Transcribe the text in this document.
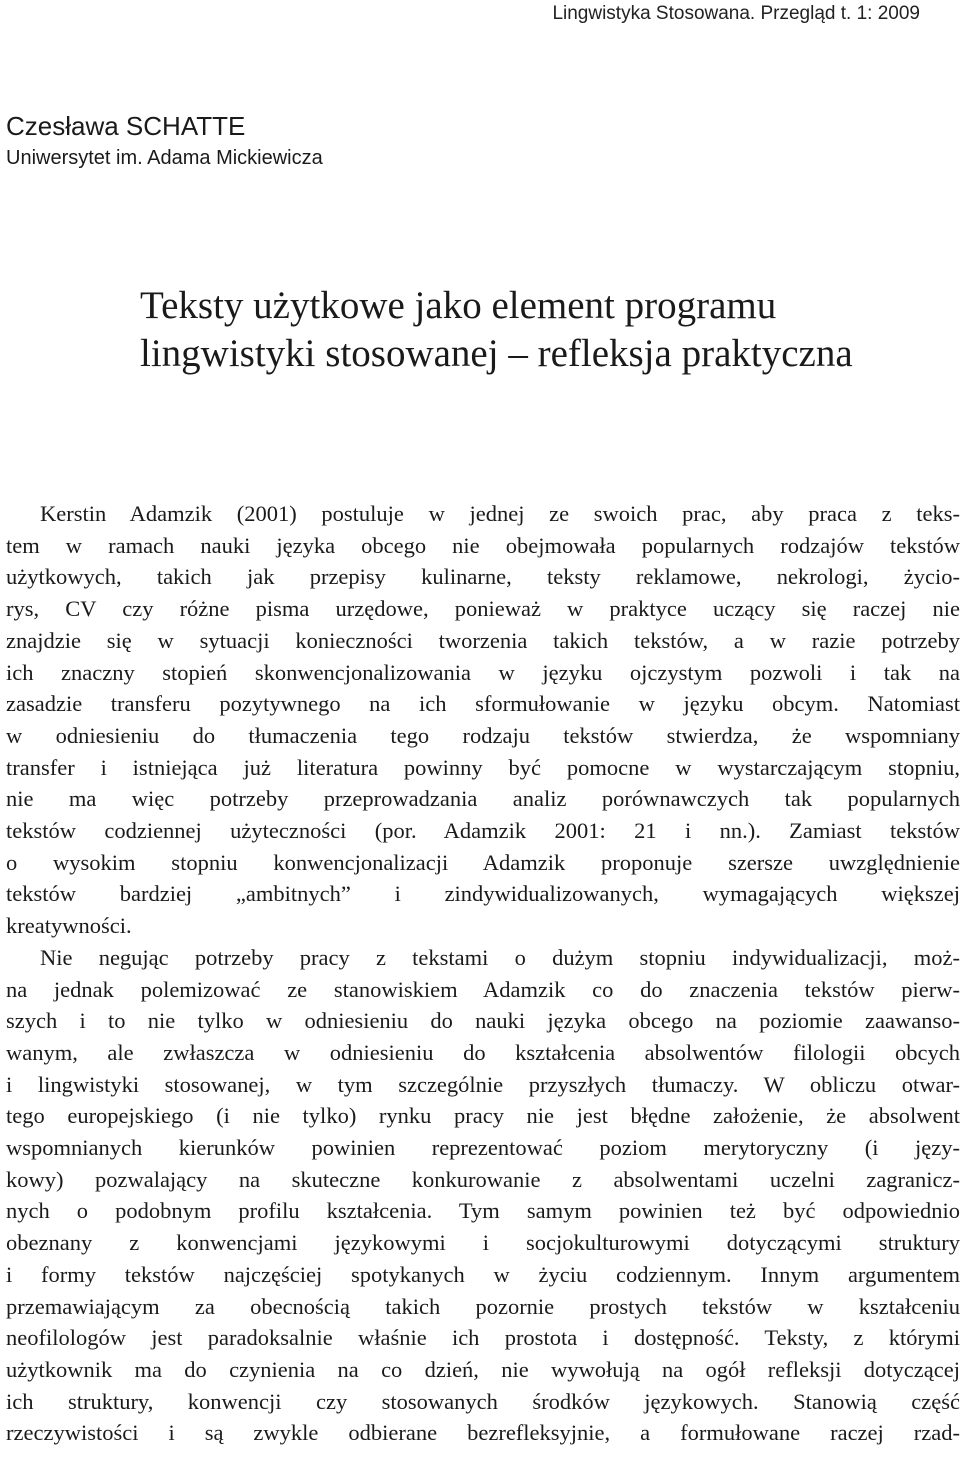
Lingwistyka Stosowana. Przegląd t. 1: 2009
Czesława SCHATTE
Uniwersytet im. Adama Mickiewicza
Teksty użytkowe jako element programu
lingwistyki stosowanej – refleksja praktyczna
Kerstin Adamzik (2001) postuluje w jednej ze swoich prac, aby praca z teks-
tem w ramach nauki języka obcego nie obejmowała popularnych rodzajów tekstów
użytkowych, takich jak przepisy kulinarne, teksty reklamowe, nekrologi, życio-
rys, CV czy różne pisma urzędowe, ponieważ w praktyce uczący się raczej nie
znajdzie się w sytuacji konieczności tworzenia takich tekstów, a w razie potrzeby
ich znaczny stopień skonwencjonalizowania w języku ojczystym pozwoli i tak na
zasadzie transferu pozytywnego na ich sformułowanie w języku obcym. Natomiast
w odniesieniu do tłumaczenia tego rodzaju tekstów stwierdza, że wspomniany
transfer i istniejąca już literatura powinny być pomocne w wystarczającym stopniu,
nie ma więc potrzeby przeprowadzania analiz porównawczych tak popularnych
tekstów codziennej użyteczności (por. Adamzik 2001: 21 i nn.). Zamiast tekstów
o wysokim stopniu konwencjonalizacji Adamzik proponuje szersze uwzględnienie
tekstów bardziej „ambitnych” i zindywidualizowanych, wymagających większej
kreatywności.
Nie negując potrzeby pracy z tekstami o dużym stopniu indywidualizacji, moż-
na jednak polemizować ze stanowiskiem Adamzik co do znaczenia tekstów pierw-
szych i to nie tylko w odniesieniu do nauki języka obcego na poziomie zaawanso-
wanym, ale zwłaszcza w odniesieniu do kształcenia absolwentów filologii obcych
i lingwistyki stosowanej, w tym szczególnie przyszłych tłumaczy. W obliczu otwar-
tego europejskiego (i nie tylko) rynku pracy nie jest błędne założenie, że absolwent
wspomnianych kierunków powinien reprezentować poziom merytoryczny (i języ-
kowy) pozwalający na skuteczne konkurowanie z absolwentami uczelni zagranicz-
nych o podobnym profilu kształcenia. Tym samym powinien też być odpowiednio
obeznany z konwencjami językowymi i socjokulturowymi dotyczącymi struktury
i formy tekstów najczęściej spotykanych w życiu codziennym. Innym argumentem
przemawiającym za obecnością takich pozornie prostych tekstów w kształceniu
neofilologów jest paradoksalnie właśnie ich prostota i dostępność. Teksty, z którymi
użytkownik ma do czynienia na co dzień, nie wywołują na ogół refleksji dotyczącej
ich struktury, konwencji czy stosowanych środków językowych. Stanowią część
rzeczywistości i są zwykle odbierane bezrefleksyjnie, a formułowane raczej rzad-
